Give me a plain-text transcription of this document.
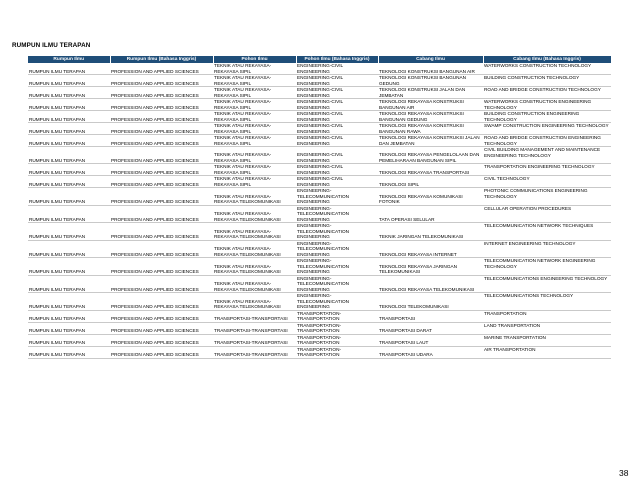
RUMPUN ILMU TERAPAN
Rumpun Ilmu	Rumpun Ilmu (Bahasa Inggris)	Pohon Ilmu	Pohon Ilmu (Bahasa Inggris)	Cabang Ilmu	Cabang Ilmu (Bahasa Inggris)
RUMPUN ILMU TERAPAN	PROFESSION AND APPLIED SCIENCES	TEKNIK ATAU REKAYASA-REKAYASA SIPIL	ENGINEERING-CIVIL ENGINEERING	TEKNOLOGI KONSTRUKSI BANGUNAN AIR	WATERWORKS CONSTRUCTION TECHNOLOGY
RUMPUN ILMU TERAPAN	PROFESSION AND APPLIED SCIENCES	TEKNIK ATAU REKAYASA-REKAYASA SIPIL	ENGINEERING-CIVIL ENGINEERING	TEKNOLOGI KONSTRUKSI BANGUNAN GEDUNG	BUILDING CONSTRUCTION TECHNOLOGY
RUMPUN ILMU TERAPAN	PROFESSION AND APPLIED SCIENCES	TEKNIK ATAU REKAYASA-REKAYASA SIPIL	ENGINEERING-CIVIL ENGINEERING	TEKNOLOGI KONSTRUKSI JALAN DAN JEMBATAN	ROAD AND BRIDGE CONSTRUCTION TECHNOLOGY
RUMPUN ILMU TERAPAN	PROFESSION AND APPLIED SCIENCES	TEKNIK ATAU REKAYASA-REKAYASA SIPIL	ENGINEERING-CIVIL ENGINEERING	TEKNOLOGI REKAYASA KONSTRUKSI BANGUNAN AIR	WATERWORKS CONSTRUCTION ENGINEERING TECHNOLOGY
RUMPUN ILMU TERAPAN	PROFESSION AND APPLIED SCIENCES	TEKNIK ATAU REKAYASA-REKAYASA SIPIL	ENGINEERING-CIVIL ENGINEERING	TEKNOLOGI REKAYASA KONSTRUKSI BANGUNAN GEDUNG	BUILDING CONSTRUCTION ENGINEERING TECHNOLOGY
RUMPUN ILMU TERAPAN	PROFESSION AND APPLIED SCIENCES	TEKNIK ATAU REKAYASA-REKAYASA SIPIL	ENGINEERING-CIVIL ENGINEERING	TEKNOLOGI REKAYASA KONSTRUKSI BANGUNAN RAWA	SWAMP CONSTRUCTION ENGINEERING TECHNOLOGY
RUMPUN ILMU TERAPAN	PROFESSION AND APPLIED SCIENCES	TEKNIK ATAU REKAYASA-REKAYASA SIPIL	ENGINEERING-CIVIL ENGINEERING	TEKNOLOGI REKAYASA KONSTRUKSI JALAN DAN JEMBATAN	ROAD AND BRIDGE CONSTRUCTION ENGINEERING TECHNOLOGY
RUMPUN ILMU TERAPAN	PROFESSION AND APPLIED SCIENCES	TEKNIK ATAU REKAYASA-REKAYASA SIPIL	ENGINEERING-CIVIL ENGINEERING	TEKNOLOGI REKAYASA PENGELOLAAN DAN PEMELIHARAAN BANGUNAN SIPIL	CIVIL BUILDING MANAGEMENT AND MAINTENANCE ENGINEERING TECHNOLOGY
RUMPUN ILMU TERAPAN	PROFESSION AND APPLIED SCIENCES	TEKNIK ATAU REKAYASA-REKAYASA SIPIL	ENGINEERING-CIVIL ENGINEERING	TEKNOLOGI REKAYASA TRANSPORTASI	TRANSPORTATION ENGINEERING TECHNOLOGY
RUMPUN ILMU TERAPAN	PROFESSION AND APPLIED SCIENCES	TEKNIK ATAU REKAYASA-REKAYASA SIPIL	ENGINEERING-CIVIL ENGINEERING	TEKNOLOGI SIPIL	CIVIL TECHNOLOGY
RUMPUN ILMU TERAPAN	PROFESSION AND APPLIED SCIENCES	TEKNIK ATAU REKAYASA-REKAYASA TELEKOMUNIKASI	ENGINEERING-TELECOMMUNICATION ENGINEERING	TEKNOLOGI REKAYASA KOMUNIKASI FOTONIK	PHOTONIC COMMUNICATIONS ENGINEERING TECHNOLOGY
RUMPUN ILMU TERAPAN	PROFESSION AND APPLIED SCIENCES	TEKNIK ATAU REKAYASA-REKAYASA TELEKOMUNIKASI	ENGINEERING-TELECOMMUNICATION ENGINEERING	TATA OPERASI SELULAR	CELLULAR OPERATION PROCEDURES
RUMPUN ILMU TERAPAN	PROFESSION AND APPLIED SCIENCES	TEKNIK ATAU REKAYASA-REKAYASA TELEKOMUNIKASI	ENGINEERING-TELECOMMUNICATION ENGINEERING	TEKNIK JARINGAN TELEKOMUNIKASI	TELECOMMUNICATION NETWORK TECHNIQUES
RUMPUN ILMU TERAPAN	PROFESSION AND APPLIED SCIENCES	TEKNIK ATAU REKAYASA-REKAYASA TELEKOMUNIKASI	ENGINEERING-TELECOMMUNICATION ENGINEERING	TEKNOLOGI REKAYASA INTERNET	INTERNET ENGINEERING TECHNOLOGY
RUMPUN ILMU TERAPAN	PROFESSION AND APPLIED SCIENCES	TEKNIK ATAU REKAYASA-REKAYASA TELEKOMUNIKASI	ENGINEERING-TELECOMMUNICATION ENGINEERING	TEKNOLOGI REKAYASA JARINGAN TELEKOMUNIKASI	TELECOMMUNICATION NETWORK ENGINEERING TECHNOLOGY
RUMPUN ILMU TERAPAN	PROFESSION AND APPLIED SCIENCES	TEKNIK ATAU REKAYASA-REKAYASA TELEKOMUNIKASI	ENGINEERING-TELECOMMUNICATION ENGINEERING	TEKNOLOGI REKAYASA TELEKOMUNIKASI	TELECOMMUNICATIONS ENGINEERING TECHNOLOGY
RUMPUN ILMU TERAPAN	PROFESSION AND APPLIED SCIENCES	TEKNIK ATAU REKAYASA-REKAYASA TELEKOMUNIKASI	ENGINEERING-TELECOMMUNICATION ENGINEERING	TEKNOLOGI TELEKOMUNIKASI	TELECOMMUNICATIONS TECHNOLOGY
RUMPUN ILMU TERAPAN	PROFESSION AND APPLIED SCIENCES	TRANSPORTASI-TRANSPORTASI	TRANSPORTATION-TRANSPORTATION	TRANSPORTASI	TRANSPORTATION
RUMPUN ILMU TERAPAN	PROFESSION AND APPLIED SCIENCES	TRANSPORTASI-TRANSPORTASI	TRANSPORTATION-TRANSPORTATION	TRANSPORTASI DARAT	LAND TRANSPORTATION
RUMPUN ILMU TERAPAN	PROFESSION AND APPLIED SCIENCES	TRANSPORTASI-TRANSPORTASI	TRANSPORTATION-TRANSPORTATION	TRANSPORTASI LAUT	MARINE TRANSPORTATION
RUMPUN ILMU TERAPAN	PROFESSION AND APPLIED SCIENCES	TRANSPORTASI-TRANSPORTASI	TRANSPORTATION-TRANSPORTATION	TRANSPORTASI UDARA	AIR TRANSPORTATION
38
